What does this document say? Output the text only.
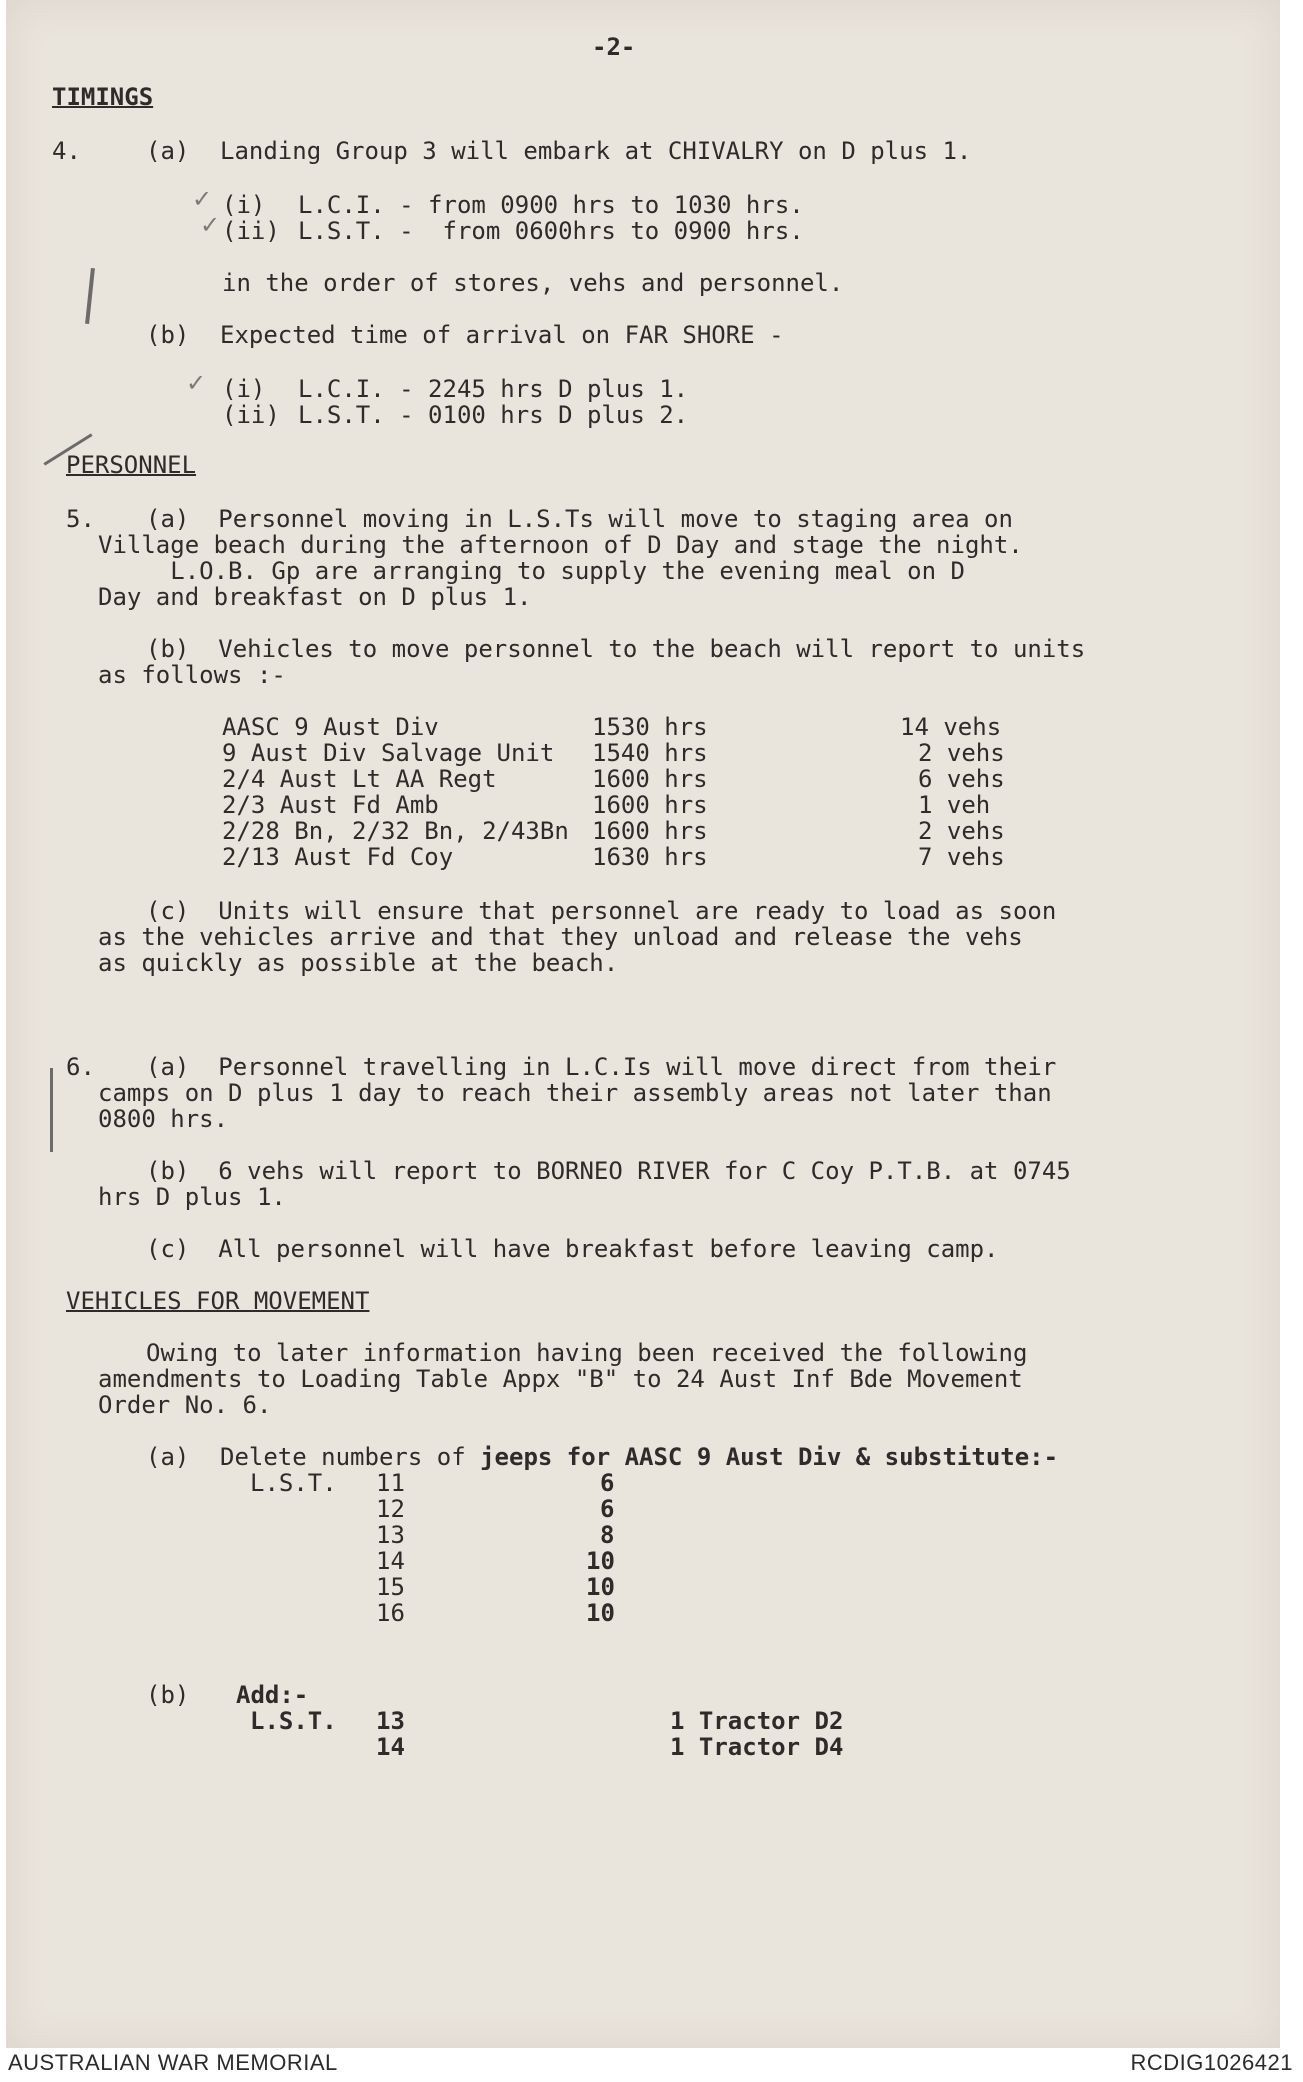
-2-
TIMINGS
4.	(a) Landing Group 3 will embark at CHIVALRY on D plus 1.
✓ (i) L.C.I. - from 0900 hrs to 1030 hrs.
✓ (ii) L.S.T. -  from 0600hrs to 0900 hrs.
in the order of stores, vehs and personnel.
(b) Expected time of arrival on FAR SHORE -
✓ (i) L.C.I. - 2245 hrs D plus 1.
(ii) L.S.T. - 0100 hrs D plus 2.
PERSONNEL
5. (a)  Personnel moving in L.S.Ts will move to staging area on
Village beach during the afternoon of D Day and stage the night.
L.O.B. Gp are arranging to supply the evening meal on D
Day and breakfast on D plus 1.
(b)  Vehicles to move personnel to the beach will report to units
as follows :-
AASC 9 Aust Div	1530 hrs	14 vehs
9 Aust Div Salvage Unit 1540 hrs	2 vehs
2/4 Aust Lt AA Regt	1600 hrs	6 vehs
2/3 Aust Fd Amb	1600 hrs	1 veh
2/28 Bn, 2/32 Bn, 2/43Bn 1600 hrs	2 vehs
2/13 Aust Fd Coy	1630 hrs	7 vehs
(c)  Units will ensure that personnel are ready to load as soon
as the vehicles arrive and that they unload and release the vehs
as quickly as possible at the beach.
6. (a)  Personnel travelling in L.C.Is will move direct from their
camps on D plus 1 day to reach their assembly areas not later than
0800 hrs.
(b)  6 vehs will report to BORNEO RIVER for C Coy P.T.B. at 0745
hrs D plus 1.
(c)  All personnel will have breakfast before leaving camp.
VEHICLES FOR MOVEMENT
Owing to later information having been received the following
amendments to Loading Table Appx "B" to 24 Aust Inf Bde Movement
Order No. 6.
(a) Delete numbers of jeeps for AASC 9 Aust Div & substitute:-
L.S.T. 11	6
12	6
13	8
14	10
15	10
16	10
(b) Add:-
L.S.T. 13	1 Tractor D2
14	1 Tractor D4
AUSTRALIAN WAR MEMORIAL	RCDIG1026421
